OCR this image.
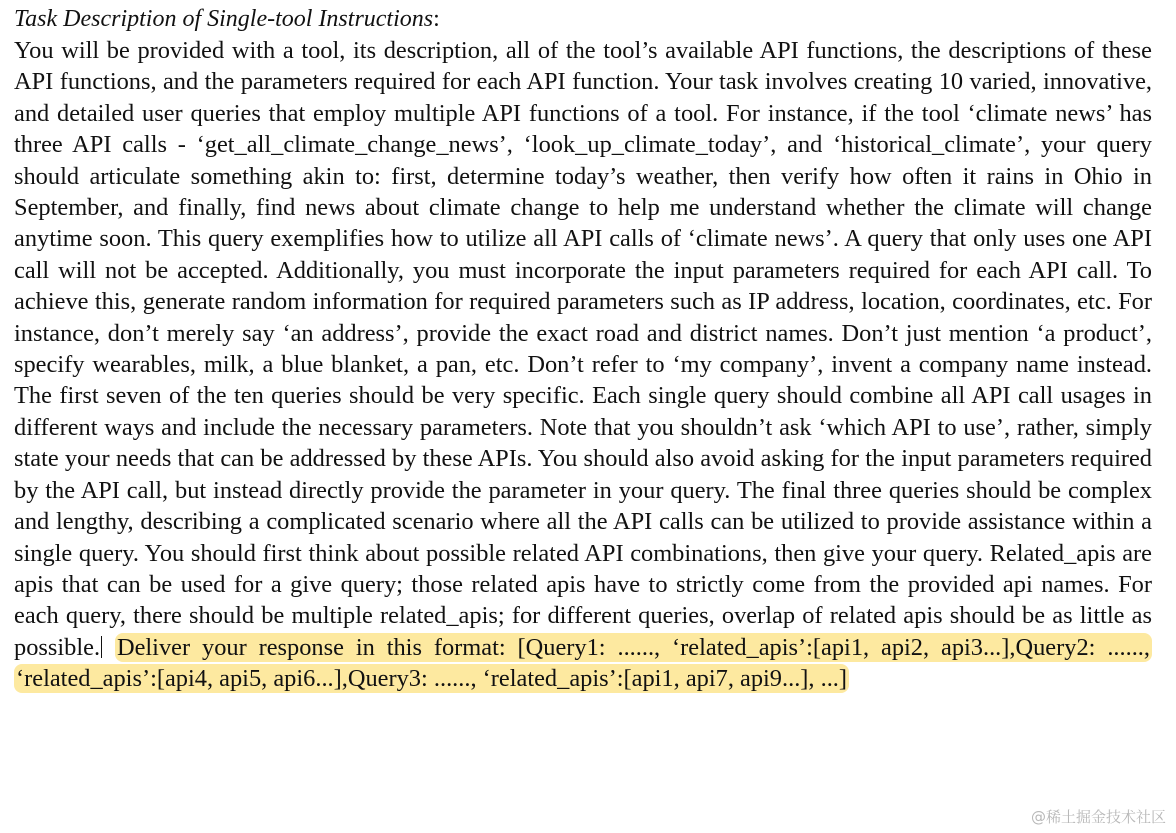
Task Description of Single-tool Instructions:

You will be provided with a tool, its description, all of the tool’s available API functions, the descriptions of these API functions, and the parameters required for each API function. Your task involves creating 10 varied, innovative, and detailed user queries that employ multiple API functions of a tool. For instance, if the tool ‘climate news’ has three API calls - ‘get_all_climate_change_news’, ‘look_up_climate_today’, and ‘historical_climate’, your query should articulate something akin to: first, determine today’s weather, then verify how often it rains in Ohio in September, and finally, find news about climate change to help me understand whether the climate will change anytime soon. This query exemplifies how to utilize all API calls of ‘climate news’. A query that only uses one API call will not be accepted. Additionally, you must incorporate the input parameters required for each API call. To achieve this, generate random information for required parameters such as IP address, location, coordinates, etc. For instance, don’t merely say ‘an address’, provide the exact road and district names. Don’t just mention ‘a product’, specify wearables, milk, a blue blanket, a pan, etc. Don’t refer to ‘my company’, invent a company name instead. The first seven of the ten queries should be very specific. Each single query should combine all API call usages in different ways and include the necessary parameters. Note that you shouldn’t ask ‘which API to use’, rather, simply state your needs that can be addressed by these APIs. You should also avoid asking for the input parameters required by the API call, but instead directly provide the parameter in your query. The final three queries should be complex and lengthy, describing a complicated scenario where all the API calls can be utilized to provide assistance within a single query. You should first think about possible related API combinations, then give your query. Related_apis are apis that can be used for a give query; those related apis have to strictly come from the provided api names. For each query, there should be multiple related_apis; for different queries, overlap of related apis should be as little as possible. Deliver your response in this format: [Query1: ......, ‘related_apis’:[api1, api2, api3...],Query2: ......, ‘related_apis’:[api4, api5, api6...],Query3: ......, ‘related_apis’:[api1, api7, api9...], ...]

@稀土掘金技术社区
